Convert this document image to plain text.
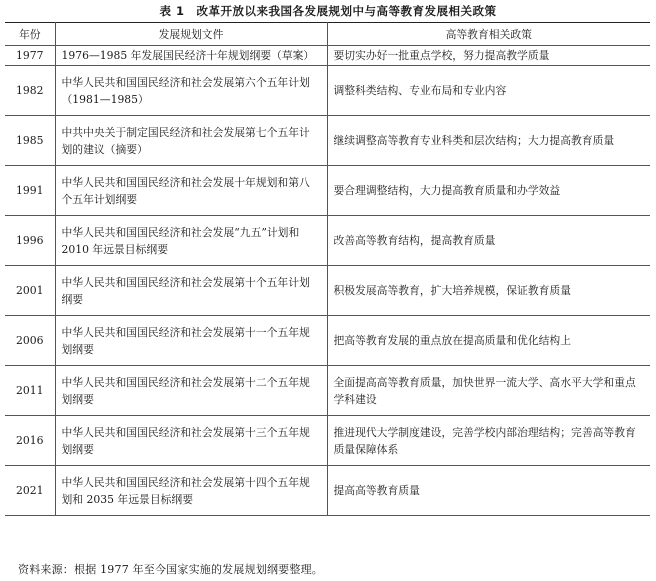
表 1 改革开放以来我国各发展规划中与高等教育发展相关政策
年份	发展规划文件	高等教育相关政策
1977	1976—1985 年发展国民经济十年规划纲要（草案）	要切实办好一批重点学校，努力提高教学质量
1982	中华人民共和国国民经济和社会发展第六个五年计划（1981—1985）	调整科类结构、专业布局和专业内容
1985	中共中央关于制定国民经济和社会发展第七个五年计划的建议（摘要）	继续调整高等教育专业科类和层次结构；大力提高教育质量
1991	中华人民共和国国民经济和社会发展十年规划和第八个五年计划纲要	要合理调整结构，大力提高教育质量和办学效益
1996	中华人民共和国国民经济和社会发展“九五”计划和 2010 年远景目标纲要	改善高等教育结构，提高教育质量
2001	中华人民共和国国民经济和社会发展第十个五年计划纲要	积极发展高等教育，扩大培养规模，保证教育质量
2006	中华人民共和国国民经济和社会发展第十一个五年规划纲要	把高等教育发展的重点放在提高质量和优化结构上
2011	中华人民共和国国民经济和社会发展第十二个五年规划纲要	全面提高高等教育质量，加快世界一流大学、高水平大学和重点学科建设
2016	中华人民共和国国民经济和社会发展第十三个五年规划纲要	推进现代大学制度建设，完善学校内部治理结构；完善高等教育质量保障体系
2021	中华人民共和国国民经济和社会发展第十四个五年规划和 2035 年远景目标纲要	提高高等教育质量
资料来源：根据 1977 年至今国家实施的发展规划纲要整理。
